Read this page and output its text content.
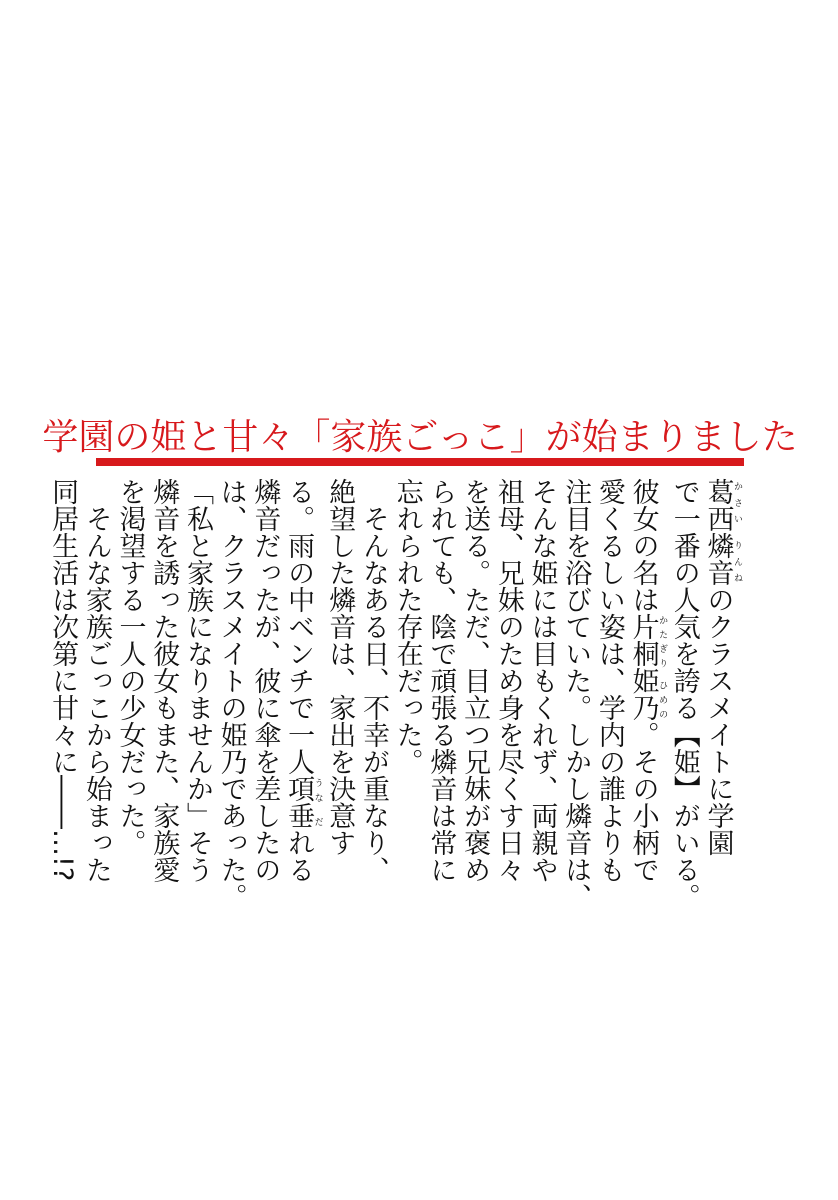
学園の姫と甘々「家族ごっこ」が始まりました
葛西燐音かさい りんねのクラスメイトに学園
で一番の人気を誇る【姫】がいる。
彼女の名は片桐姫乃かたぎり ひめの。その小柄で
愛くるしい姿は、学内の誰よりも
注目を浴びていた。しかし燐音は、
そんな姫には目もくれず、両親や
祖母、兄妹のため身を尽くす日々
を送る。ただ、目立つ兄妹が褒め
られても、陰で頑張る燐音は常に
忘れられた存在だった。
　そんなある日、不幸が重なり、
絶望した燐音は、家出を決意す
る。雨の中ベンチで一人項垂うな だれる
燐音だったが、彼に傘を差したの
は、クラスメイトの姫乃であった。
「私と家族になりませんか」そう
燐音を誘った彼女もまた、家族愛
を渇望する一人の少女だった。
　そんな家族ごっこから始まった
同居生活は次第に甘々に――…!?
